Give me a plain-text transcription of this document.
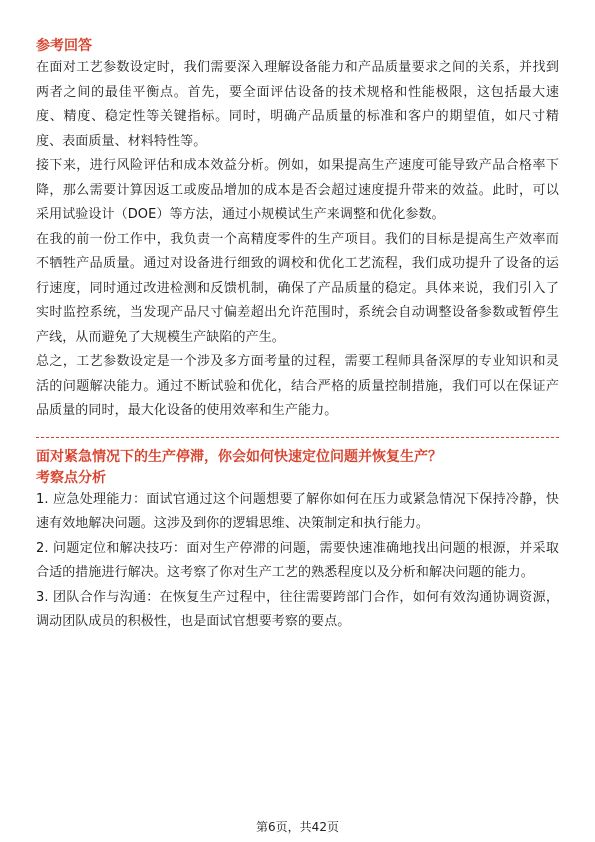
参考回答

在面对工艺参数设定时，我们需要深入理解设备能力和产品质量要求之间的关系，并找到两者之间的最佳平衡点。首先，要全面评估设备的技术规格和性能极限，这包括最大速度、精度、稳定性等关键指标。同时，明确产品质量的标准和客户的期望值，如尺寸精度、表面质量、材料特性等。

接下来，进行风险评估和成本效益分析。例如，如果提高生产速度可能导致产品合格率下降，那么需要计算因返工或废品增加的成本是否会超过速度提升带来的效益。此时，可以采用试验设计（DOE）等方法，通过小规模试生产来调整和优化参数。

在我的前一份工作中，我负责一个高精度零件的生产项目。我们的目标是提高生产效率而不牺牲产品质量。通过对设备进行细致的调校和优化工艺流程，我们成功提升了设备的运行速度，同时通过改进检测和反馈机制，确保了产品质量的稳定。具体来说，我们引入了实时监控系统，当发现产品尺寸偏差超出允许范围时，系统会自动调整设备参数或暂停生产线，从而避免了大规模生产缺陷的产生。

总之，工艺参数设定是一个涉及多方面考量的过程，需要工程师具备深厚的专业知识和灵活的问题解决能力。通过不断试验和优化，结合严格的质量控制措施，我们可以在保证产品质量的同时，最大化设备的使用效率和生产能力。

面对紧急情况下的生产停滞，你会如何快速定位问题并恢复生产？

考察点分析

1. 应急处理能力：面试官通过这个问题想要了解你如何在压力或紧急情况下保持冷静，快速有效地解决问题。这涉及到你的逻辑思维、决策制定和执行能力。

2. 问题定位和解决技巧：面对生产停滞的问题，需要快速准确地找出问题的根源，并采取合适的措施进行解决。这考察了你对生产工艺的熟悉程度以及分析和解决问题的能力。

3. 团队合作与沟通：在恢复生产过程中，往往需要跨部门合作，如何有效沟通协调资源，调动团队成员的积极性，也是面试官想要考察的要点。

第6页，共42页
